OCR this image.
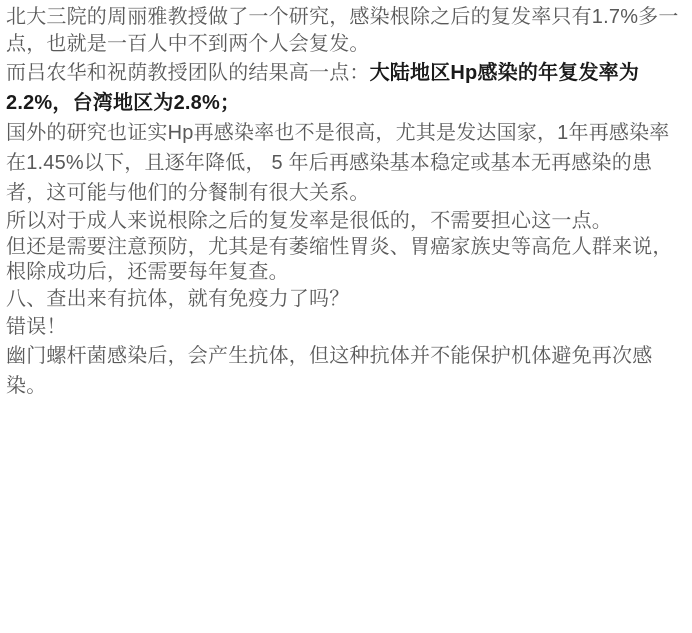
北大三院的周丽雅教授做了一个研究，感染根除之后的复发率只有1.7%多一点，也就是一百人中不到两个人会复发。

而吕农华和祝荫教授团队的结果高一点：大陆地区Hp感染的年复发率为
2.2%，台湾地区为2.8%；

国外的研究也证实Hp再感染率也不是很高，尤其是发达国家，1年再感染率在1.45%以下，且逐年降低， 5 年后再感染基本稳定或基本无再感染的患者，这可能与他们的分餐制有很大关系。

所以对于成人来说根除之后的复发率是很低的，不需要担心这一点。

但还是需要注意预防，尤其是有萎缩性胃炎、胃癌家族史等高危人群来说，根除成功后，还需要每年复查。

八、查出来有抗体，就有免疫力了吗？

错误！

幽门螺杆菌感染后，会产生抗体，但这种抗体并不能保护机体避免再次感染。
